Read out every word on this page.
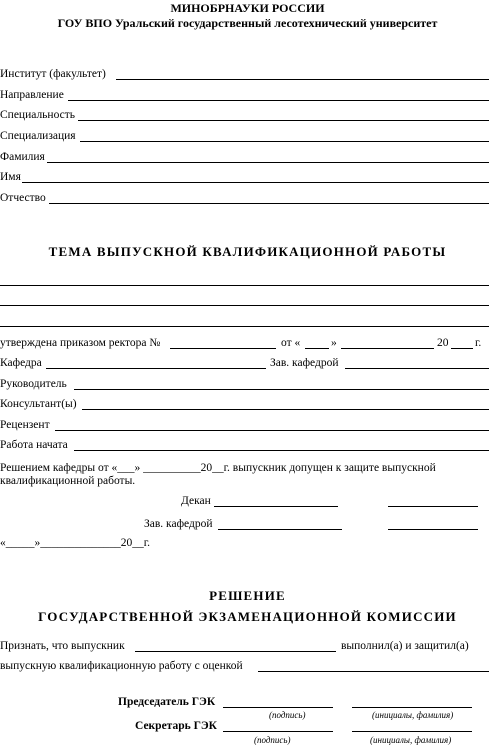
МИНОБРНАУКИ РОССИИ
ГОУ ВПО Уральский государственный лесотехнический университет
Институт (факультет)
Направление
Специальность
Специализация
Фамилия
Имя
Отчество
ТЕМА ВЫПУСКНОЙ КВАЛИФИКАЦИОННОЙ РАБОТЫ
утверждена приказом ректора №	от «	»	20 г.
Кафедра	Зав. кафедрой
Руководитель
Консультант(ы)
Рецензент
Работа начата
Решением кафедры от «___» __________20__г. выпускник допущен к защите выпускной
квалификационной работы.
Декан
Зав. кафедрой
«_____»______________20__г.
РЕШЕНИЕ
ГОСУДАРСТВЕННОЙ ЭКЗАМЕНАЦИОННОЙ КОМИССИИ
Признать, что выпускник	выполнил(а) и защитил(а)
выпускную квалификационную работу с оценкой
Председатель ГЭК
(подпись)	(инициалы, фамилия)
Секретарь ГЭК
(подпись)	(инициалы, фамилия)
